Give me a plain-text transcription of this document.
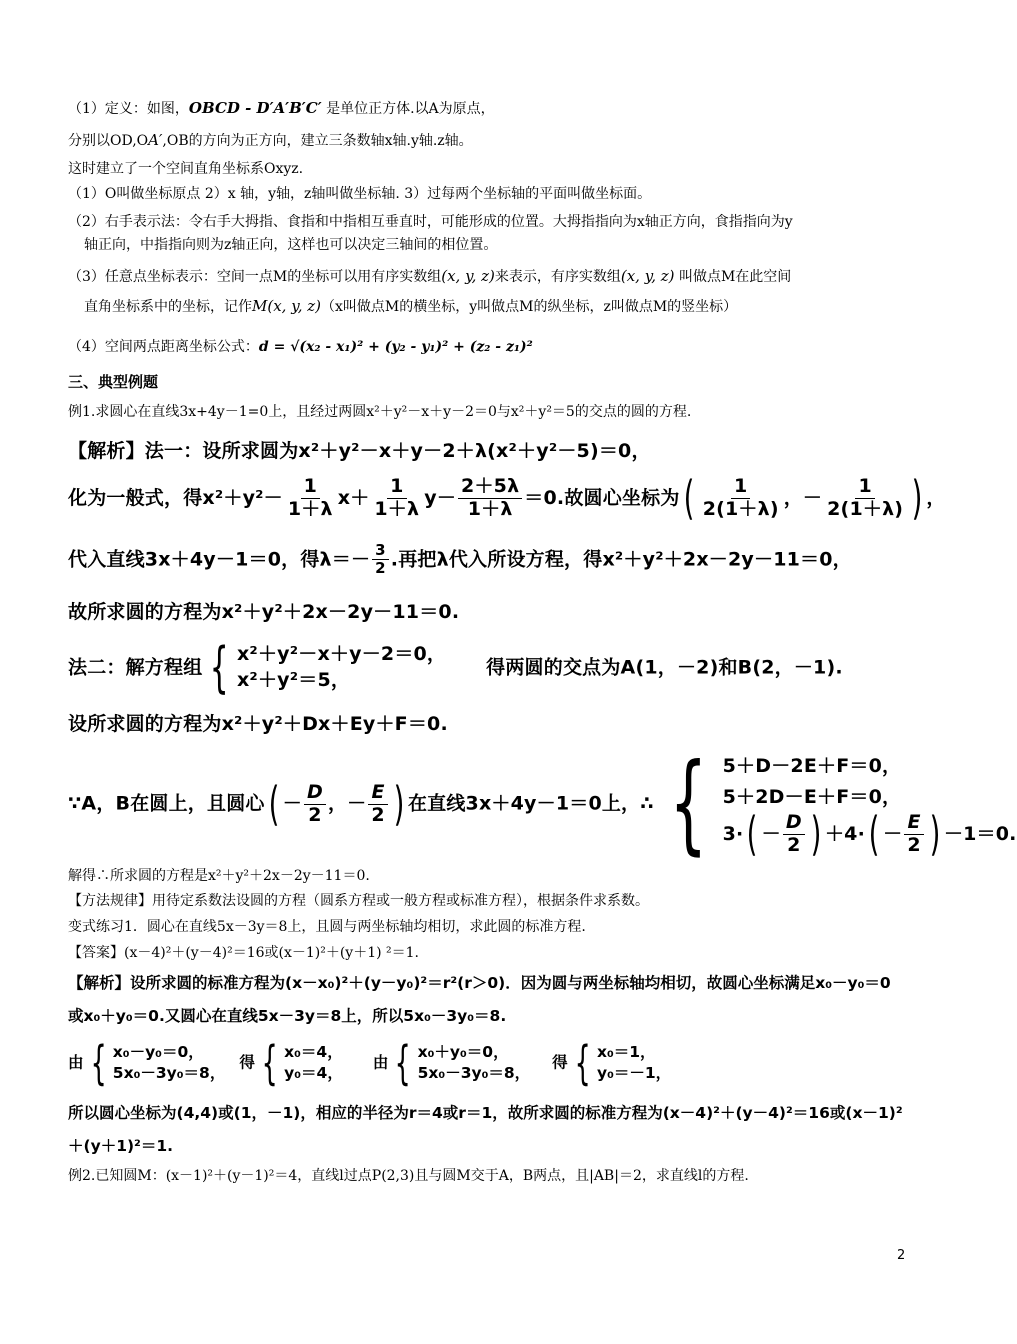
（1）定义：如图，OBCD - D′A′B′C′ 是单位正方体.以A为原点，
分别以OD,OA′,OB的方向为正方向，建立三条数轴x轴.y轴.z轴。
这时建立了一个空间直角坐标系Oxyz.
（1）O叫做坐标原点 2）x 轴，y轴，z轴叫做坐标轴. 3）过每两个坐标轴的平面叫做坐标面。
（2）右手表示法：令右手大拇指、食指和中指相互垂直时，可能形成的位置。大拇指指向为x轴正方向，食指指向为y
轴正向，中指指向则为z轴正向，这样也可以决定三轴间的相位置。
（3）任意点坐标表示：空间一点M的坐标可以用有序实数组(x, y, z)来表示，有序实数组(x, y, z) 叫做点M在此空间
直角坐标系中的坐标，记作M(x, y, z)（x叫做点M的横坐标，y叫做点M的纵坐标，z叫做点M的竖坐标）
（4）空间两点距离坐标公式：d = √(x₂ - x₁)² + (y₂ - y₁)² + (z₂ - z₁)²
三、典型例题
例1.求圆心在直线3x+4y－1=0上，且经过两圆x²＋y²－x＋y－2＝0与x²＋y²＝5的交点的圆的方程.
【解析】法一：设所求圆为x²＋y²－x＋y－2＋λ(x²＋y²－5)＝0，
化为一般式，得$x^2+y^2- \frac{1}{1+\lambda} x+ \frac{1}{1+\lambda} y- \frac{2+5\lambda}{1+\lambda} =0$.故圆心坐标为( $\frac{1}{2(1+\lambda)}$ ，－ $\frac{1}{2(1+\lambda)}$ ) ，
代入直线3x＋4y－1＝0，得$\lambda=- \frac{3}{2}$ .再把λ代入所设方程，得x²＋y²＋2x－2y－11＝0，
故所求圆的方程为x²＋y²＋2x－2y－11＝0.
法二：解方程组 { x²＋y²－x＋y－2＝0，
x²＋y²＝5，
得两圆的交点为A(1，－2)和B(2，－1).
设所求圆的方程为x²＋y²＋Dx＋Ey＋F＝0.
∵A，B在圆上，且圆心( － $\frac{D}{2}$ ，－ $\frac{E}{2}$ ) 在直线3x＋4y－1＝0上，∴ { 5＋D－2E＋F＝0，
5＋2D－E＋F＝0，
$3\cdot( - \frac{D}{2}$ ) $+4\cdot( - \frac{E}{2}$ ) －1＝0.
解得∴所求圆的方程是x²＋y²＋2x－2y－11＝0.
【方法规律】用待定系数法设圆的方程（圆系方程或一般方程或标准方程），根据条件求系数。
变式练习1．圆心在直线5x－3y＝8上，且圆与两坐标轴均相切，求此圆的标准方程.
【答案】(x－4)²＋(y－4)²＝16或(x－1)²＋(y＋1) ²＝1.
【解析】设所求圆的标准方程为(x－x₀)²＋(y－y₀)²＝r²(r＞0)．因为圆与两坐标轴均相切，故圆心坐标满足x₀－y₀＝0
或x₀＋y₀＝0.又圆心在直线5x－3y＝8上，所以5x₀－3y₀＝8.
由 { x₀－y₀＝0，
5x₀－3y₀＝8，
得 { x₀＝4，
y₀＝4，
由 { x₀＋y₀＝0，
5x₀－3y₀＝8，
得 { x₀＝1，
y₀＝－1，
所以圆心坐标为(4,4)或(1，－1)，相应的半径为r＝4或r＝1，故所求圆的标准方程为(x－4)²＋(y－4)²＝16或(x－1)²
＋(y＋1)²＝1.
例2.已知圆M：(x－1)²＋(y－1)²＝4，直线l过点P(2,3)且与圆M交于A，B两点，且|AB|＝2，求直线l的方程.
2
